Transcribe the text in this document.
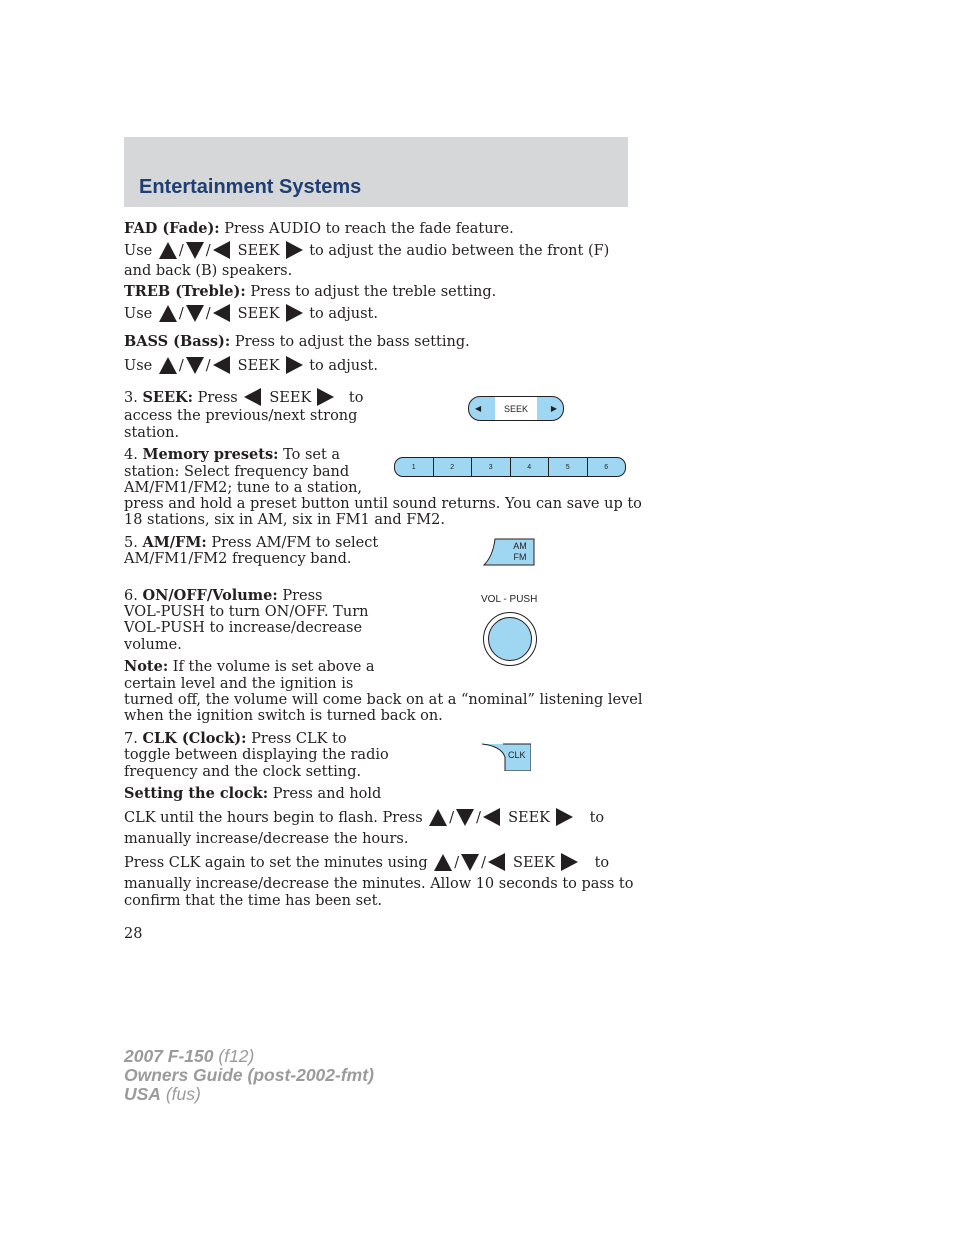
Entertainment Systems
FAD (Fade): Press AUDIO to reach the fade feature.
Use / / SEEK to adjust the audio between the front (F)
and back (B) speakers.
TREB (Treble): Press to adjust the treble setting.
Use / / SEEK to adjust.
BASS (Bass): Press to adjust the bass setting.
Use / / SEEK to adjust.
3. SEEK: Press SEEK	to
access the previous/next strong
station.
◀	SEEK	▶
4. Memory presets: To set a
station: Select frequency band
AM/FM1/FM2; tune to a station,
press and hold a preset button until sound returns. You can save up to
18 stations, six in AM, six in FM1 and FM2.
1	2	3	4	5	6
5. AM/FM: Press AM/FM to select
AM/FM1/FM2 frequency band.
AM
FM
6. ON/OFF/Volume: Press
VOL-PUSH to turn ON/OFF. Turn
VOL-PUSH to increase/decrease
volume.
VOL - PUSH
Note: If the volume is set above a
certain level and the ignition is
turned off, the volume will come back on at a “nominal” listening level
when the ignition switch is turned back on.
7. CLK (Clock): Press CLK to
toggle between displaying the radio
frequency and the clock setting.
CLK
Setting the clock: Press and hold
CLK until the hours begin to flash. Press / / SEEK	to
manually increase/decrease the hours.
Press CLK again to set the minutes using / / SEEK	to
manually increase/decrease the minutes. Allow 10 seconds to pass to
confirm that the time has been set.
28
2007 F-150 (f12)
Owners Guide (post-2002-fmt)
USA (fus)
